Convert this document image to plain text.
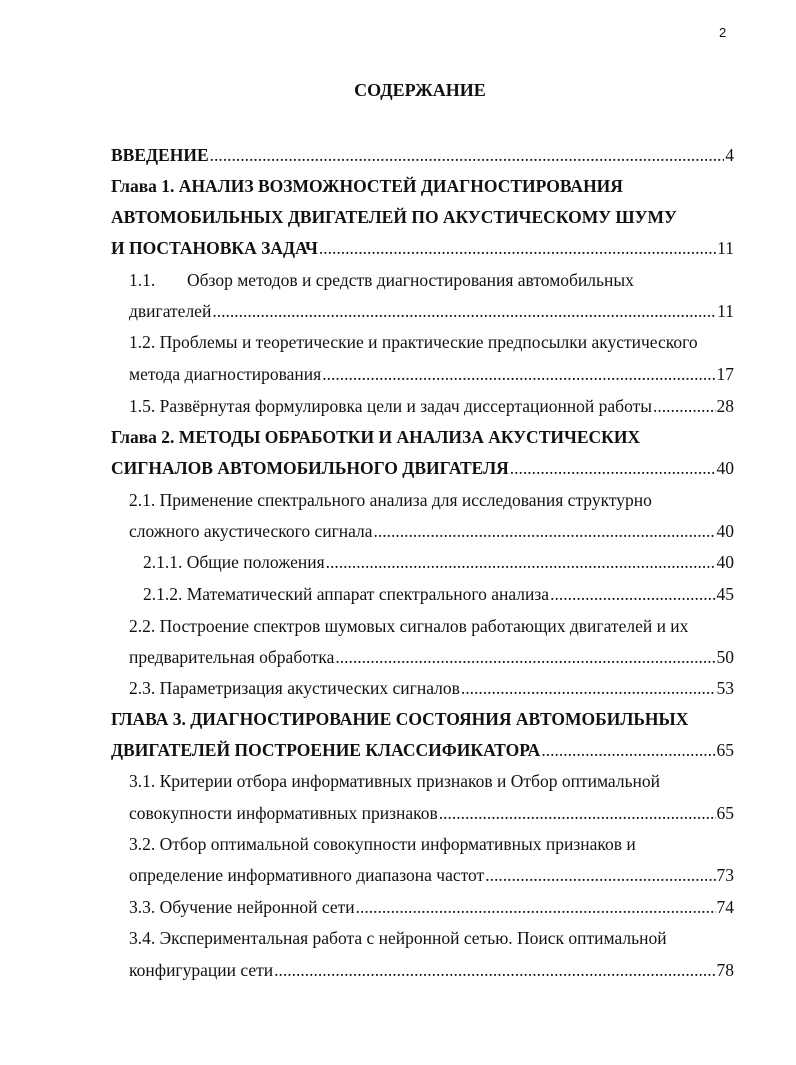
2
СОДЕРЖАНИЕ
ВВЕДЕНИЕ .....	4
Глава 1. АНАЛИЗ ВОЗМОЖНОСТЕЙ ДИАГНОСТИРОВАНИЯ
АВТОМОБИЛЬНЫХ ДВИГАТЕЛЕЙ ПО АКУСТИЧЕСКОМУ ШУМУ
И ПОСТАНОВКА ЗАДАЧ .....	11
1.1. Обзор методов и средств диагностирования автомобильных
двигателей .....	11
1.2. Проблемы и теоретические и практические предпосылки акустического
метода диагностирования .....	17
1.5. Развёрнутая формулировка цели и задач диссертационной работы .....	28
Глава 2. МЕТОДЫ ОБРАБОТКИ И АНАЛИЗА АКУСТИЧЕСКИХ
СИГНАЛОВ АВТОМОБИЛЬНОГО ДВИГАТЕЛЯ .....	40
2.1. Применение спектрального анализа для исследования структурно
сложного акустического сигнала .....	40
2.1.1. Общие положения .....	40
2.1.2. Математический аппарат спектрального анализа .....	45
2.2. Построение спектров шумовых сигналов работающих двигателей и их
предварительная обработка .....	50
2.3. Параметризация акустических сигналов .....	53
ГЛАВА 3. ДИАГНОСТИРОВАНИЕ СОСТОЯНИЯ АВТОМОБИЛЬНЫХ
ДВИГАТЕЛЕЙ ПОСТРОЕНИЕ КЛАССИФИКАТОРА .....	65
3.1. Критерии отбора информативных признаков и Отбор оптимальной
совокупности информативных признаков .....	65
3.2. Отбор оптимальной совокупности информативных признаков и
определение информативного диапазона частот .....	73
3.3. Обучение нейронной сети .....	74
3.4. Экспериментальная работа с нейронной сетью. Поиск оптимальной
конфигурации сети .....	78
